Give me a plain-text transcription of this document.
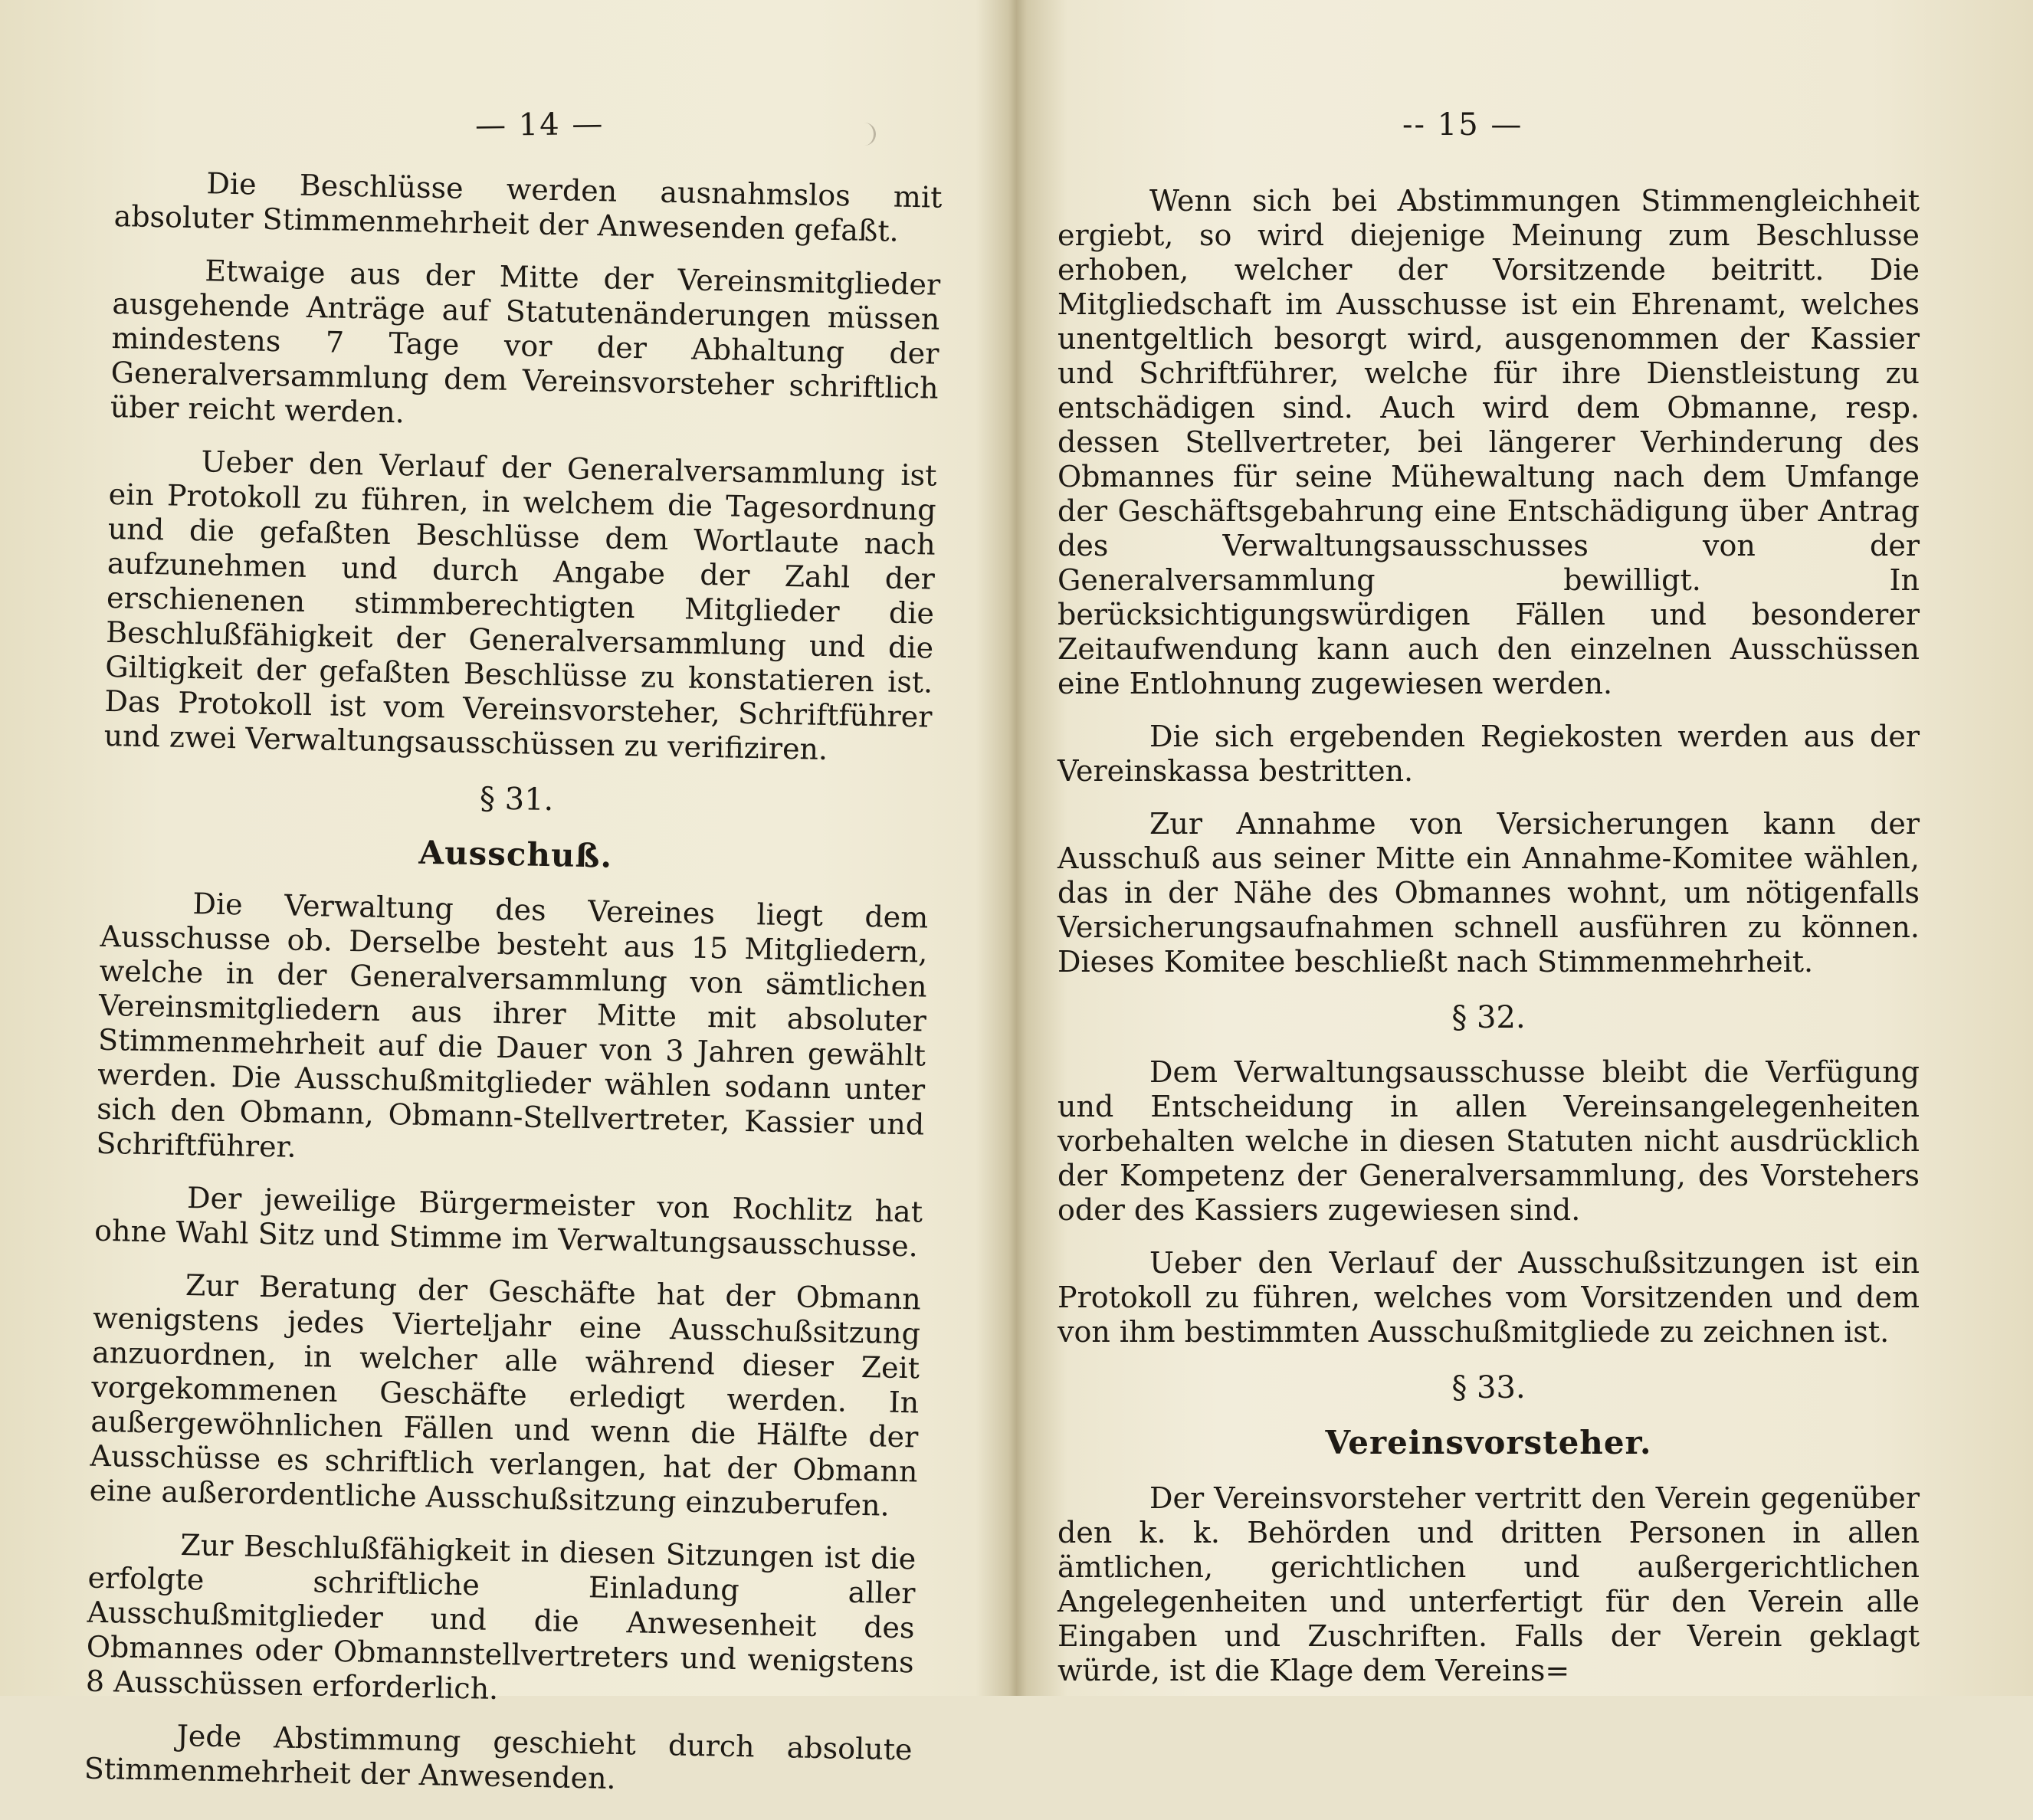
— 14 —

Die Beschlüsse werden ausnahmslos mit absoluter Stimmenmehrheit der Anwesenden gefaßt.

Etwaige aus der Mitte der Vereinsmitglieder ausgehende Anträge auf Statutenänderungen müssen mindestens 7 Tage vor der Abhaltung der Generalversammlung dem Vereinsvorsteher schriftlich über reicht werden.

Ueber den Verlauf der Generalversammlung ist ein Protokoll zu führen, in welchem die Tagesordnung und die gefaßten Beschlüsse dem Wortlaute nach aufzunehmen und durch Angabe der Zahl der erschienenen stimmberechtigten Mitglieder die Beschlußfähigkeit der Generalversammlung und die Giltigkeit der gefaßten Beschlüsse zu konstatieren ist. Das Protokoll ist vom Vereinsvorsteher, Schriftführer und zwei Verwaltungsausschüssen zu verifiziren.

§ 31.
Ausschuß.

Die Verwaltung des Vereines liegt dem Ausschusse ob. Derselbe besteht aus 15 Mitgliedern, welche in der Generalversammlung von sämtlichen Vereinsmitgliedern aus ihrer Mitte mit absoluter Stimmenmehrheit auf die Dauer von 3 Jahren gewählt werden. Die Ausschußmitglieder wählen sodann unter sich den Obmann, Obmann-Stellvertreter, Kassier und Schriftführer.

Der jeweilige Bürgermeister von Rochlitz hat ohne Wahl Sitz und Stimme im Verwaltungsausschusse.

Zur Beratung der Geschäfte hat der Obmann wenigstens jedes Vierteljahr eine Ausschußsitzung anzuordnen, in welcher alle während dieser Zeit vorgekommenen Geschäfte erledigt werden. In außergewöhnlichen Fällen und wenn die Hälfte der Ausschüsse es schriftlich verlangen, hat der Obmann eine außerordentliche Ausschußsitzung einzuberufen.

Zur Beschlußfähigkeit in diesen Sitzungen ist die erfolgte schriftliche Einladung aller Ausschußmitglieder und die Anwesenheit des Obmannes oder Obmannstellvertreters und wenigstens 8 Ausschüssen erforderlich.

Jede Abstimmung geschieht durch absolute Stimmenmehrheit der Anwesenden.

-- 15 —

Wenn sich bei Abstimmungen Stimmengleichheit ergiebt, so wird diejenige Meinung zum Beschlusse erhoben, welcher der Vorsitzende beitritt. Die Mitgliedschaft im Ausschusse ist ein Ehrenamt, welches unentgeltlich besorgt wird, ausgenommen der Kassier und Schriftführer, welche für ihre Dienstleistung zu entschädigen sind. Auch wird dem Obmanne, resp. dessen Stellvertreter, bei längerer Verhinderung des Obmannes für seine Mühewaltung nach dem Umfange der Geschäftsgebahrung eine Entschädigung über Antrag des Verwaltungsausschusses von der Generalversammlung bewilligt. In berücksichtigungswürdigen Fällen und besonderer Zeitaufwendung kann auch den einzelnen Ausschüssen eine Entlohnung zugewiesen werden.

Die sich ergebenden Regiekosten werden aus der Vereinskassa bestritten.

Zur Annahme von Versicherungen kann der Ausschuß aus seiner Mitte ein Annahme-Komitee wählen, das in der Nähe des Obmannes wohnt, um nötigenfalls Versicherungsaufnahmen schnell ausführen zu können. Dieses Komitee beschließt nach Stimmenmehrheit.

§ 32.

Dem Verwaltungsausschusse bleibt die Verfügung und Entscheidung in allen Vereinsangelegenheiten vorbehalten welche in diesen Statuten nicht ausdrücklich der Kompetenz der Generalversammlung, des Vorstehers oder des Kassiers zugewiesen sind.

Ueber den Verlauf der Ausschußsitzungen ist ein Protokoll zu führen, welches vom Vorsitzenden und dem von ihm bestimmten Ausschußmitgliede zu zeichnen ist.

§ 33.
Vereinsvorsteher.

Der Vereinsvorsteher vertritt den Verein gegenüber den k. k. Behörden und dritten Personen in allen ämtlichen, gerichtlichen und außergerichtlichen Angelegenheiten und unterfertigt für den Verein alle Eingaben und Zuschriften. Falls der Verein geklagt würde, ist die Klage dem Vereins=
